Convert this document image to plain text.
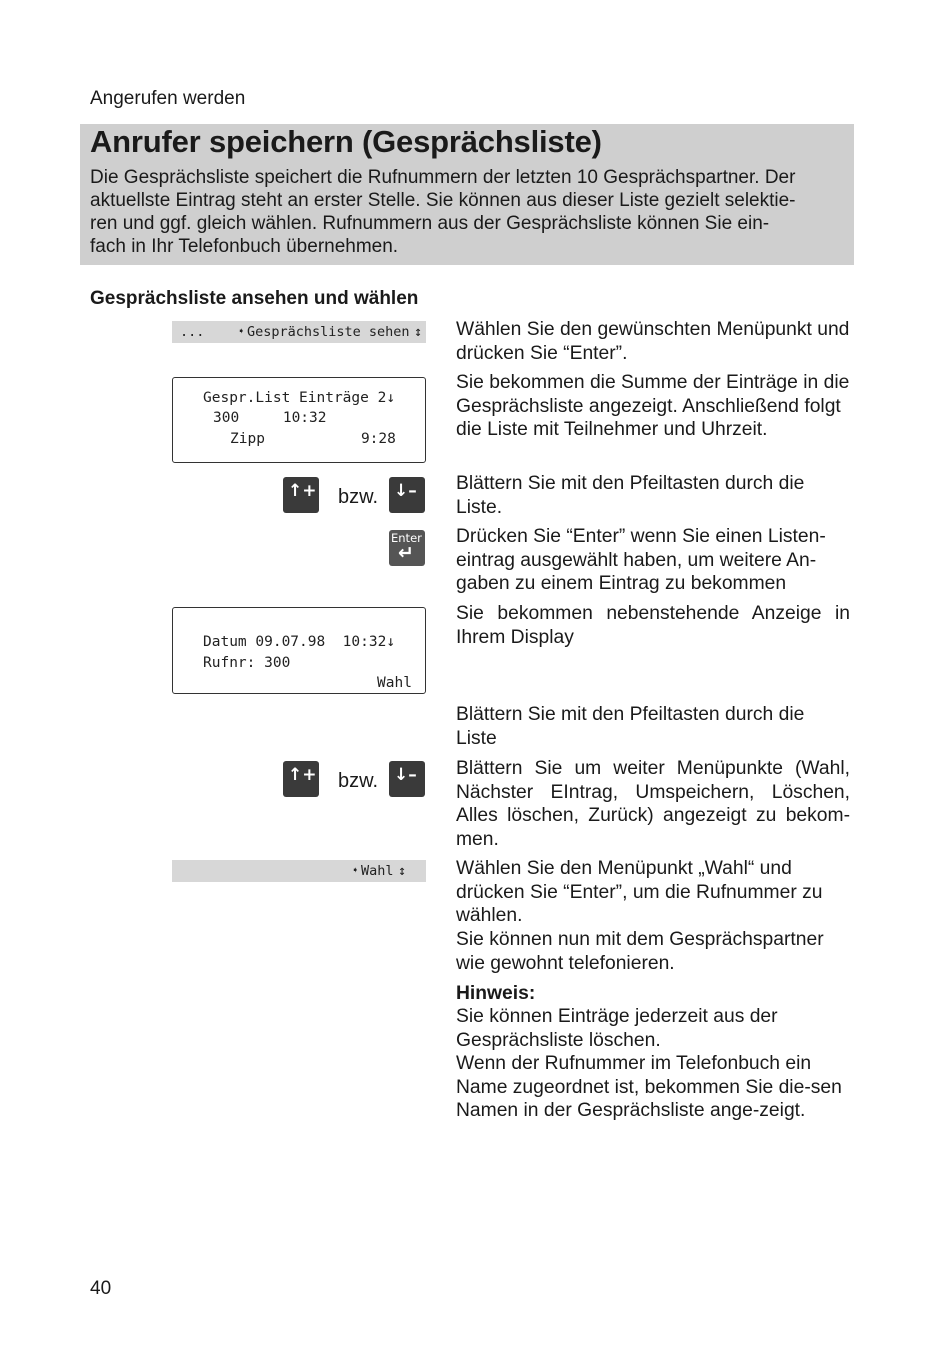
Angerufen werden
Anrufer speichern (Gesprächsliste)
Die Gesprächsliste speichert die Rufnummern der letzten 10 Gesprächspartner. Der
aktuellste Eintrag steht an erster Stelle. Sie können aus dieser Liste gezielt selektie-
ren und ggf. gleich wählen. Rufnummern aus der Gesprächsliste können Sie ein-
fach in Ihr Telefonbuch übernehmen.
Gesprächsliste ansehen und wählen
...	➧ Gesprächsliste sehen ↕
Gespr.List Einträge 2↓
300     10:32
Zipp           9:28
↑+ bzw. ↓–
Enter
↵
Datum 09.07.98  10:32↓
Rufnr: 300
Wahl
↑+ bzw. ↓–
➧ Wahl ↕
Wählen Sie den gewünschten Menüpunkt und drücken Sie “Enter”.
Sie bekommen die Summe der Einträge in die Gesprächsliste angezeigt. Anschließend folgt die Liste mit Teilnehmer und Uhrzeit.
Blättern Sie mit den Pfeiltasten durch die Liste.
Drücken Sie “Enter” wenn Sie einen Listen-eintrag ausgewählt haben, um weitere An-gaben zu einem Eintrag zu bekommen
Sie bekommen nebenstehende Anzeige in Ihrem Display
Blättern Sie mit den Pfeiltasten durch die Liste
Blättern Sie um weiter Menüpunkte (Wahl, Nächster EIntrag, Umspeichern, Löschen, Alles löschen, Zurück) angezeigt zu bekom-men.
Wählen Sie den Menüpunkt „Wahl“ und drücken Sie “Enter”, um die Rufnummer zu wählen.
Sie können nun mit dem Gesprächspartner wie gewohnt telefonieren.
Hinweis:
Sie können Einträge jederzeit aus der Gesprächsliste löschen.
Wenn der Rufnummer im Telefonbuch ein Name zugeordnet ist, bekommen Sie die-sen Namen in der Gesprächsliste ange-zeigt.
40
